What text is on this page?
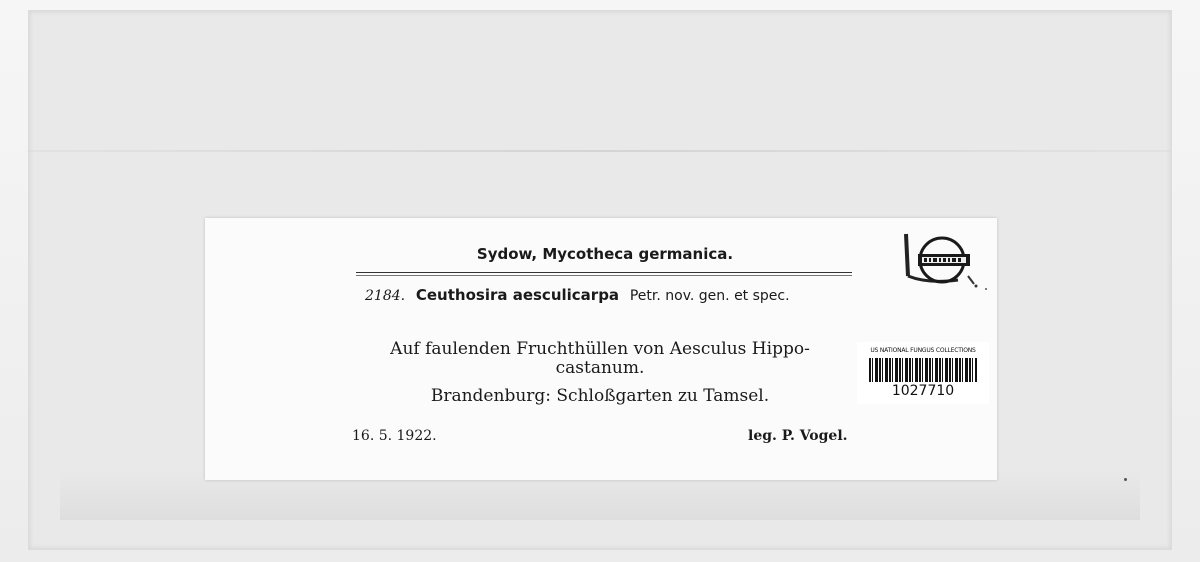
Sydow, Mycotheca germanica.
2184. Ceuthosira aesculicarpa Petr. nov. gen. et spec.
Auf faulenden Fruchthüllen von Aesculus Hippo-
castanum.
Brandenburg: Schloßgarten zu Tamsel.
16. 5. 1922.	leg. P. Vogel.
US NATIONAL FUNGUS COLLECTIONS
1027710
